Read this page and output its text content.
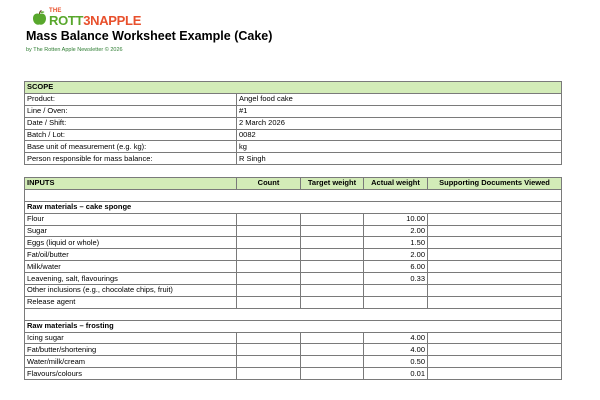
THE
ROTT3NAPPLE
Mass Balance Worksheet Example (Cake)
by The Rotten Apple Newsletter © 2026
SCOPE	
Product:	Angel food cake
Line / Oven:	#1
Date / Shift:	2 March 2026
Batch / Lot:	0082
Base unit of measurement (e.g. kg):	kg
Person responsible for mass balance:	R Singh
INPUTS	Count	Target weight	Actual weight	Supporting Documents Viewed

Raw materials – cake sponge				
Flour			10.00	
Sugar			2.00	
Eggs (liquid or whole)			1.50	
Fat/oil/butter			2.00	
Milk/water			6.00	
Leavening, salt, flavourings			0.33	
Other inclusions (e.g., chocolate chips, fruit)				
Release agent				

Raw materials – frosting				
Icing sugar			4.00	
Fat/butter/shortening			4.00	
Water/milk/cream			0.50	
Flavours/colours			0.01	
